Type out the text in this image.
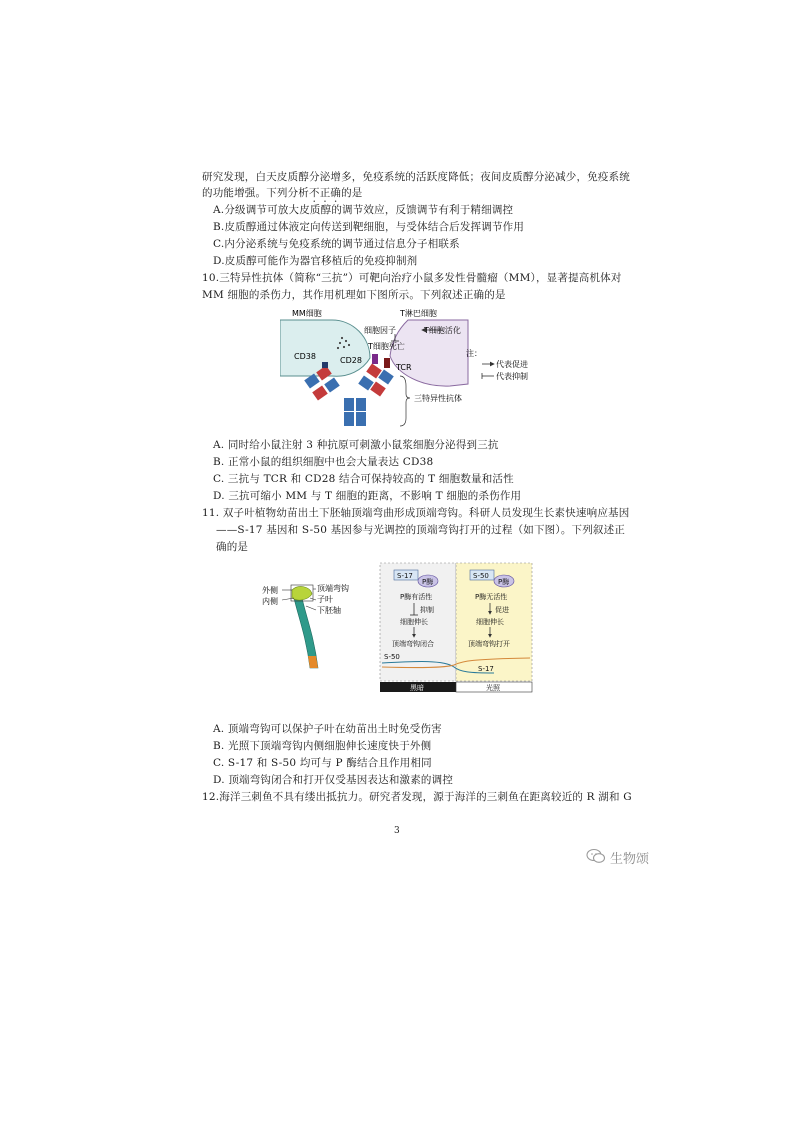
研究发现，白天皮质醇分泌增多，免疫系统的活跃度降低；夜间皮质醇分泌减少，免疫系统
的功能增强。下列分析不正确的是
A.分级调节可放大皮质醇的调节效应，反馈调节有利于精细调控
B.皮质醇通过体液定向传送到靶细胞，与受体结合后发挥调节作用
C.内分泌系统与免疫系统的调节通过信息分子相联系
D.皮质醇可能作为器官移植后的免疫抑制剂
10.三特异性抗体（简称“三抗”）可靶向治疗小鼠多发性骨髓瘤（MM），显著提高机体对
MM 细胞的杀伤力，其作用机理如下图所示。下列叙述正确的是
MM细胞	T淋巴细胞
细胞因子	T细胞活化
T细胞死亡
CD38	CD28
TCR
三特异性抗体
注：
代表促进
代表抑制
A. 同时给小鼠注射 3 种抗原可刺激小鼠浆细胞分泌得到三抗
B. 正常小鼠的组织细胞中也会大量表达 CD38
C. 三抗与 TCR 和 CD28 结合可保持较高的 T 细胞数量和活性
D. 三抗可缩小 MM 与 T 细胞的距离，不影响 T 细胞的杀伤作用
11. 双子叶植物幼苗出土下胚轴顶端弯曲形成顶端弯钩。科研人员发现生长素快速响应基因
——S-17 基因和 S-50 基因参与光调控的顶端弯钩打开的过程（如下图）。下列叙述正
确的是
外侧
内侧
顶端弯钩
子叶
下胚轴
S-17
P酶
S-50
P酶
P酶有活性
抑制
细胞伸长
顶端弯钩闭合
P酶无活性
促进
细胞伸长
顶端弯钩打开
S-50
S-17
黑暗	光照
A. 顶端弯钩可以保护子叶在幼苗出土时免受伤害
B. 光照下顶端弯钩内侧细胞伸长速度快于外侧
C. S-17 和 S-50 均可与 P 酶结合且作用相同
D. 顶端弯钩闭合和打开仅受基因表达和激素的调控
12.海洋三刺鱼不具有缕出抵抗力。研究者发现，源于海洋的三刺鱼在距离较近的 R 湖和 G
3
生物颂
